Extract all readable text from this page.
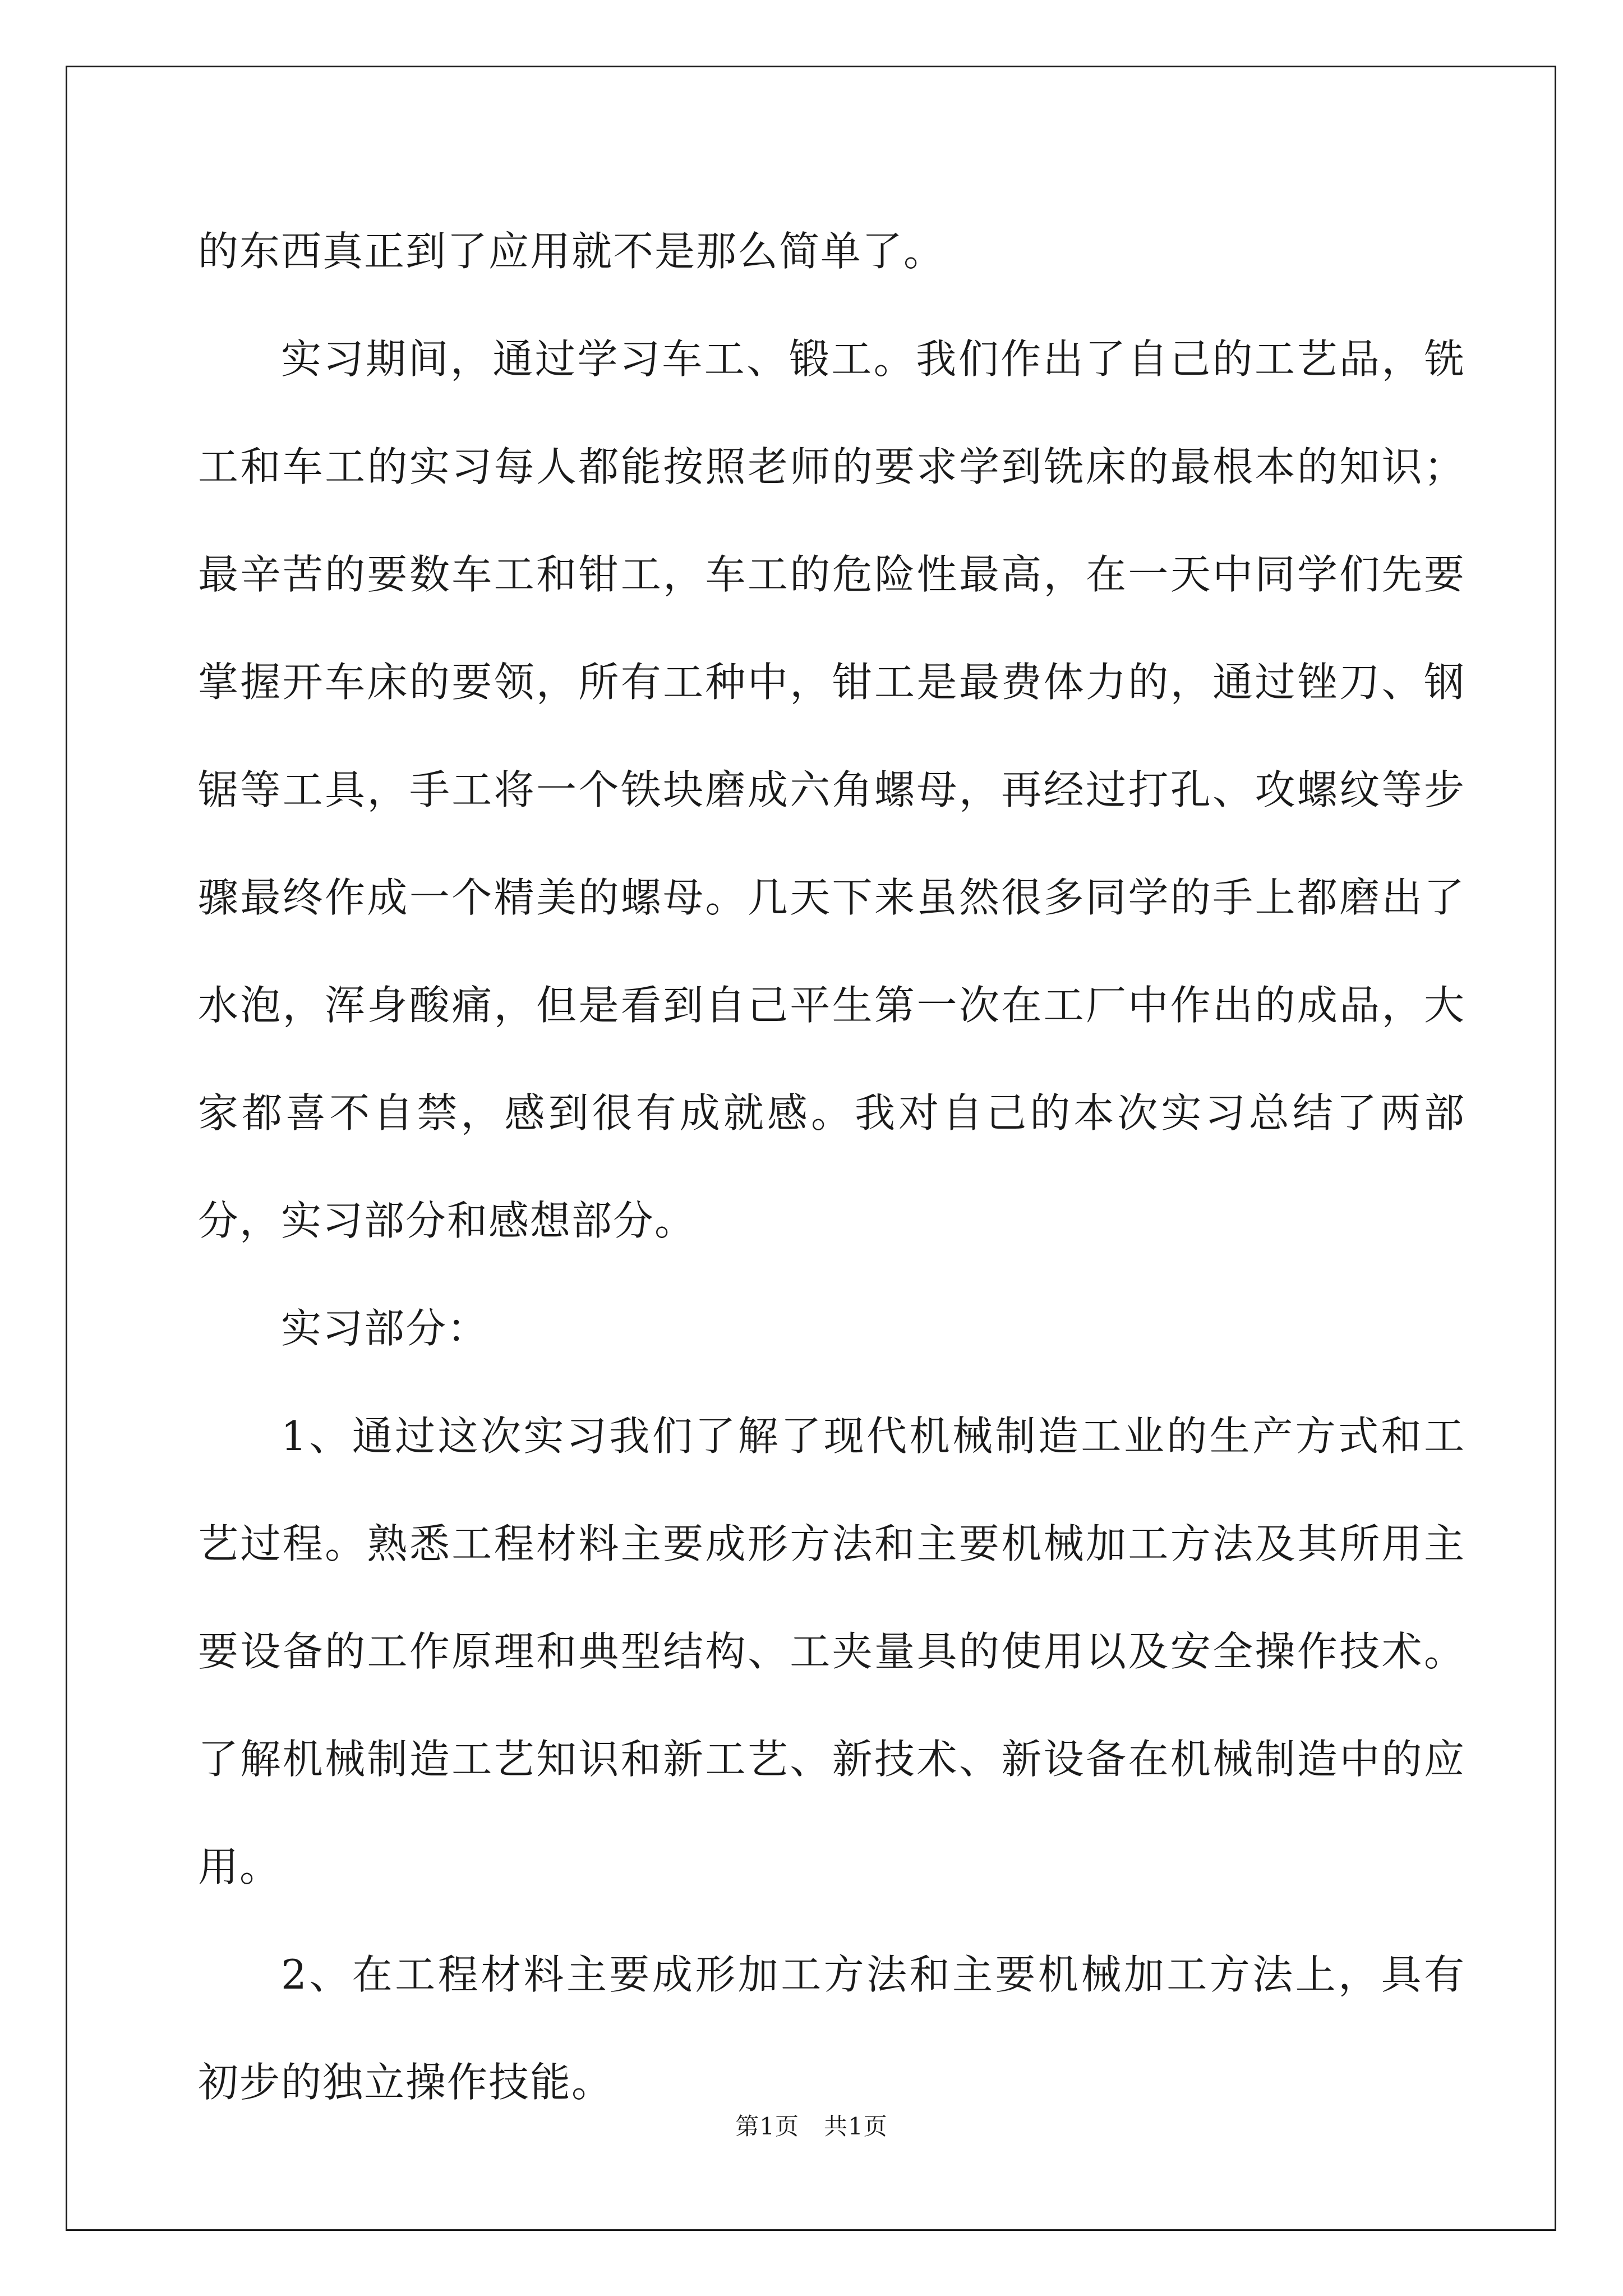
的东西真正到了应用就不是那么简单了。

实习期间，通过学习车工、锻工。我们作出了自己的工艺品，铣工和车工的实习每人都能按照老师的要求学到铣床的最根本的知识；最辛苦的要数车工和钳工，车工的危险性最高，在一天中同学们先要掌握开车床的要领，所有工种中，钳工是最费体力的，通过锉刀、钢锯等工具，手工将一个铁块磨成六角螺母，再经过打孔、攻螺纹等步骤最终作成一个精美的螺母。几天下来虽然很多同学的手上都磨出了水泡，浑身酸痛，但是看到自己平生第一次在工厂中作出的成品，大家都喜不自禁，感到很有成就感。我对自己的本次实习总结了两部分，实习部分和感想部分。

实习部分：

1、通过这次实习我们了解了现代机械制造工业的生产方式和工艺过程。熟悉工程材料主要成形方法和主要机械加工方法及其所用主要设备的工作原理和典型结构、工夹量具的使用以及安全操作技术。了解机械制造工艺知识和新工艺、新技术、新设备在机械制造中的应用。

2、在工程材料主要成形加工方法和主要机械加工方法上，具有初步的独立操作技能。

第1页 共1页
